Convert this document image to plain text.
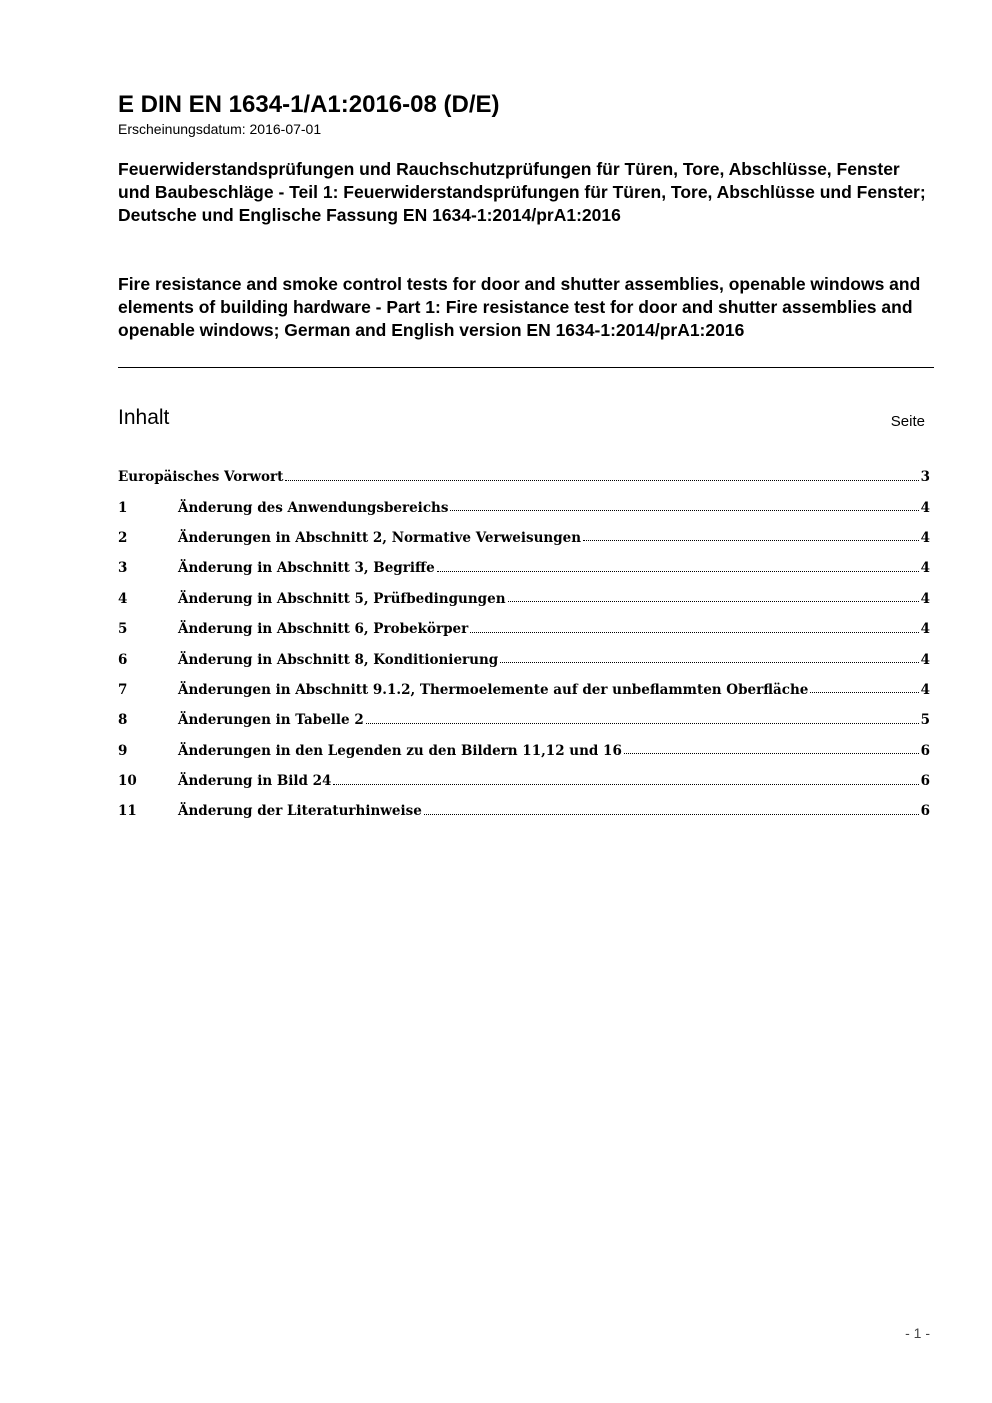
E DIN EN 1634-1/A1:2016-08 (D/E)
Erscheinungsdatum: 2016-07-01

Feuerwiderstandsprüfungen und Rauchschutzprüfungen für Türen, Tore, Abschlüsse, Fenster und Baubeschläge - Teil 1: Feuerwiderstandsprüfungen für Türen, Tore, Abschlüsse und Fenster; Deutsche und Englische Fassung EN 1634-1:2014/prA1:2016

Fire resistance and smoke control tests for door and shutter assemblies, openable windows and elements of building hardware - Part 1: Fire resistance test for door and shutter assemblies and openable windows; German and English version EN 1634-1:2014/prA1:2016

Inhalt	Seite
Europäisches Vorwort	3
1	Änderung des Anwendungsbereichs	4
2	Änderungen in Abschnitt 2, Normative Verweisungen	4
3	Änderung in Abschnitt 3, Begriffe	4
4	Änderung in Abschnitt 5, Prüfbedingungen	4
5	Änderung in Abschnitt 6, Probekörper	4
6	Änderung in Abschnitt 8, Konditionierung	4
7	Änderungen in Abschnitt 9.1.2, Thermoelemente auf der unbeflammten Oberfläche	4
8	Änderungen in Tabelle 2	5
9	Änderungen in den Legenden zu den Bildern 11,12 und 16	6
10	Änderung in Bild 24	6
11	Änderung der Literaturhinweise	6
- 1 -
